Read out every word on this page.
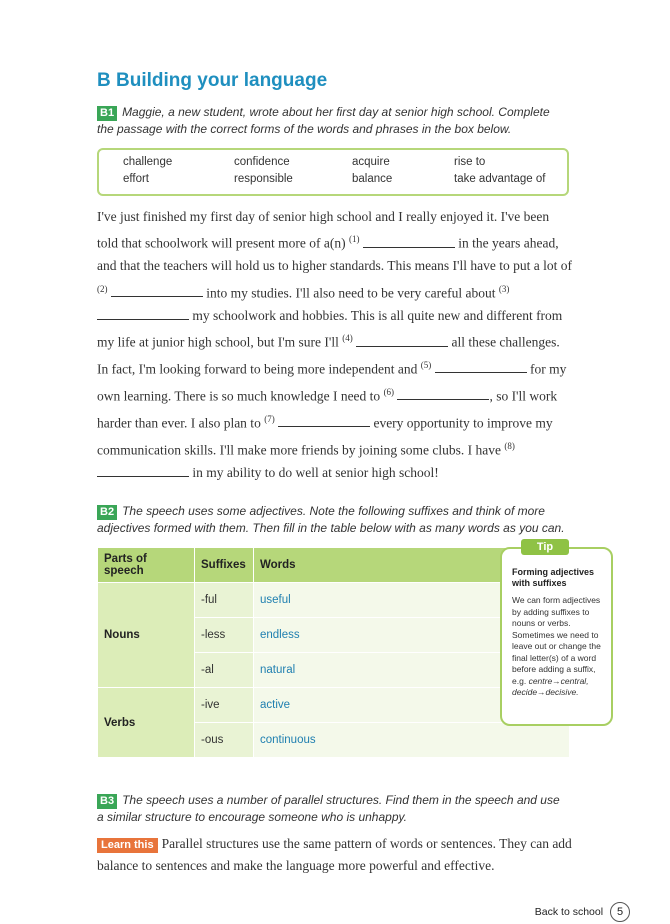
B Building your language
B1 Maggie, a new student, wrote about her first day at senior high school. Complete the passage with the correct forms of the words and phrases in the box below.
challenge	confidence	acquire	rise to
effort	responsible	balance	take advantage of

I've just finished my first day of senior high school and I really enjoyed it. I've been told that schoolwork will present more of a(n) $^{(1)}$	in the years ahead, and that the teachers will hold us to higher standards. This means I'll have to put a lot of $^{(2)}$	into my studies. I'll also need to be very careful about $^{(3)}$  my schoolwork and hobbies. This is all quite new and different from my life at junior high school, but I'm sure I'll $^{(4)}$	all these challenges. In fact, I'm looking forward to being more independent and $^{(5)}$	for my own learning. There is so much knowledge I need to $^{(6)}$	, so I'll work harder than ever. I also plan to $^{(7)}$	every opportunity to improve my communication skills. I'll make more friends by joining some clubs. I have $^{(8)}$  in my ability to do well at senior high school!

B2 The speech uses some adjectives. Note the following suffixes and think of more adjectives formed with them. Then fill in the table below with as many words as you can.
Parts of speech	Suffixes	Words
Nouns	-ful	useful
	-less	endless
	-al	natural
Verbs	-ive	active
	-ous	continuous
Forming adjectives with suffixes
We can form adjectives by adding suffixes to nouns or verbs. Sometimes we need to leave out or change the final letter(s) of a word before adding a suffix, e.g. centre→central, decide→decisive.
Tip
B3 The speech uses a number of parallel structures. Find them in the speech and use a similar structure to encourage someone who is unhappy.
Learn this Parallel structures use the same pattern of words or sentences. They can add balance to sentences and make the language more powerful and effective.
Back to school 5
